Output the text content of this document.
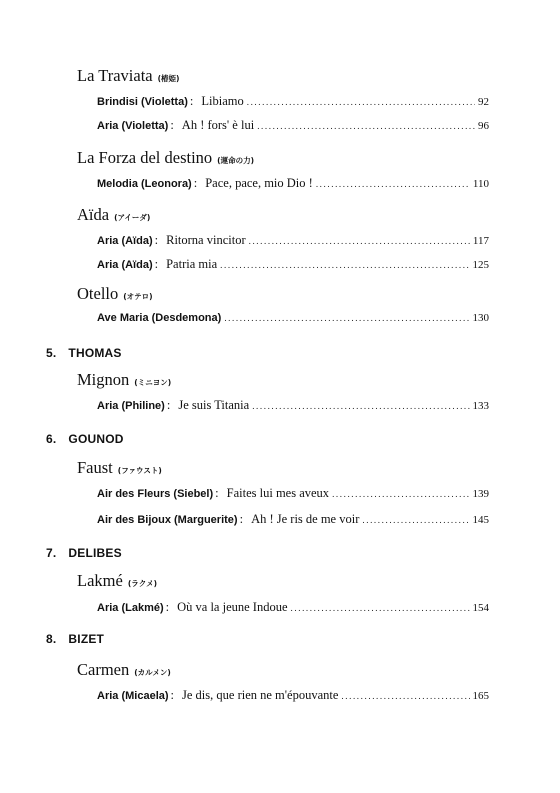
La Traviata (椿姫)
Brindisi (Violetta) : Libiamo .....	92
Aria (Violetta) : Ah ! fors' è lui .....	96
La Forza del destino (運命の力)
Melodia (Leonora) : Pace, pace, mio Dio ! .....	110
Aïda (アイーダ)
Aria (Aïda) : Ritorna vincitor .....	117
Aria (Aïda) : Patria mia .....	125
Otello (オテロ)
Ave Maria (Desdemona) .....	130
5. THOMAS
Mignon (ミニヨン)
Aria (Philine) : Je suis Titania .....	133
6. GOUNOD
Faust (ファウスト)
Air des Fleurs (Siebel) : Faites lui mes aveux .....	139
Air des Bijoux (Marguerite) : Ah ! Je ris de me voir .....	145
7. DELIBES
Lakmé (ラクメ)
Aria (Lakmé) : Où va la jeune Indoue .....	154
8. BIZET
Carmen (カルメン)
Aria (Micaela) : Je dis, que rien ne m'épouvante .....	165
